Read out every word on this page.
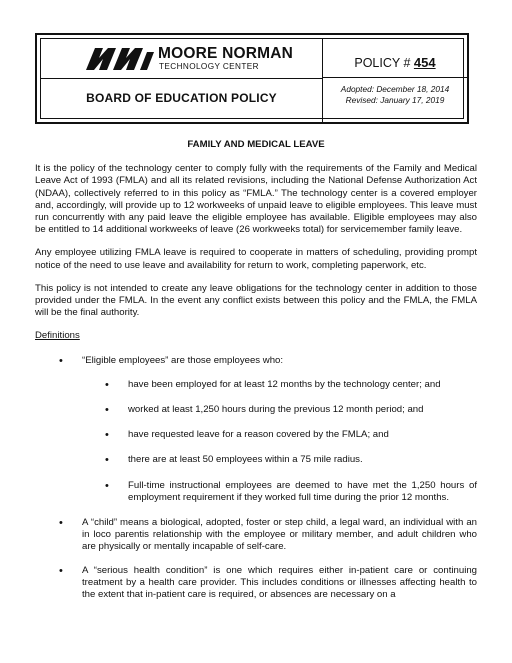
MOORE NORMAN
TECHNOLOGY CENTER
BOARD OF EDUCATION POLICY
POLICY # 454
Adopted: December 18, 2014
Revised: January 17, 2019
FAMILY AND MEDICAL LEAVE

It is the policy of the technology center to comply fully with the requirements of the Family and Medical Leave Act of 1993 (FMLA) and all its related revisions, including the National Defense Authorization Act (NDAA), collectively referred to in this policy as “FMLA.” The technology center is a covered employer and, accordingly, will provide up to 12 workweeks of unpaid leave to eligible employees. This leave must run concurrently with any paid leave the eligible employee has available. Eligible employees may also be entitled to 14 additional workweeks of leave (26 workweeks total) for servicemember family leave.

Any employee utilizing FMLA leave is required to cooperate in matters of scheduling, providing prompt notice of the need to use leave and availability for return to work, completing paperwork, etc.

This policy is not intended to create any leave obligations for the technology center in addition to those provided under the FMLA. In the event any conflict exists between this policy and the FMLA, the FMLA will be the final authority.

Definitions
• “Eligible employees” are those employees who:
• have been employed for at least 12 months by the technology center; and
• worked at least 1,250 hours during the previous 12 month period; and
• have requested leave for a reason covered by the FMLA; and
• there are at least 50 employees within a 75 mile radius.
• Full-time instructional employees are deemed to have met the 1,250 hours of employment requirement if they worked full time during the prior 12 months.
• A “child” means a biological, adopted, foster or step child, a legal ward, an individual with an in loco parentis relationship with the employee or military member, and adult children who are physically or mentally incapable of self-care.
• A “serious health condition” is one which requires either in-patient care or continuing treatment by a health care provider. This includes conditions or illnesses affecting health to the extent that in-patient care is required, or absences are necessary on a
